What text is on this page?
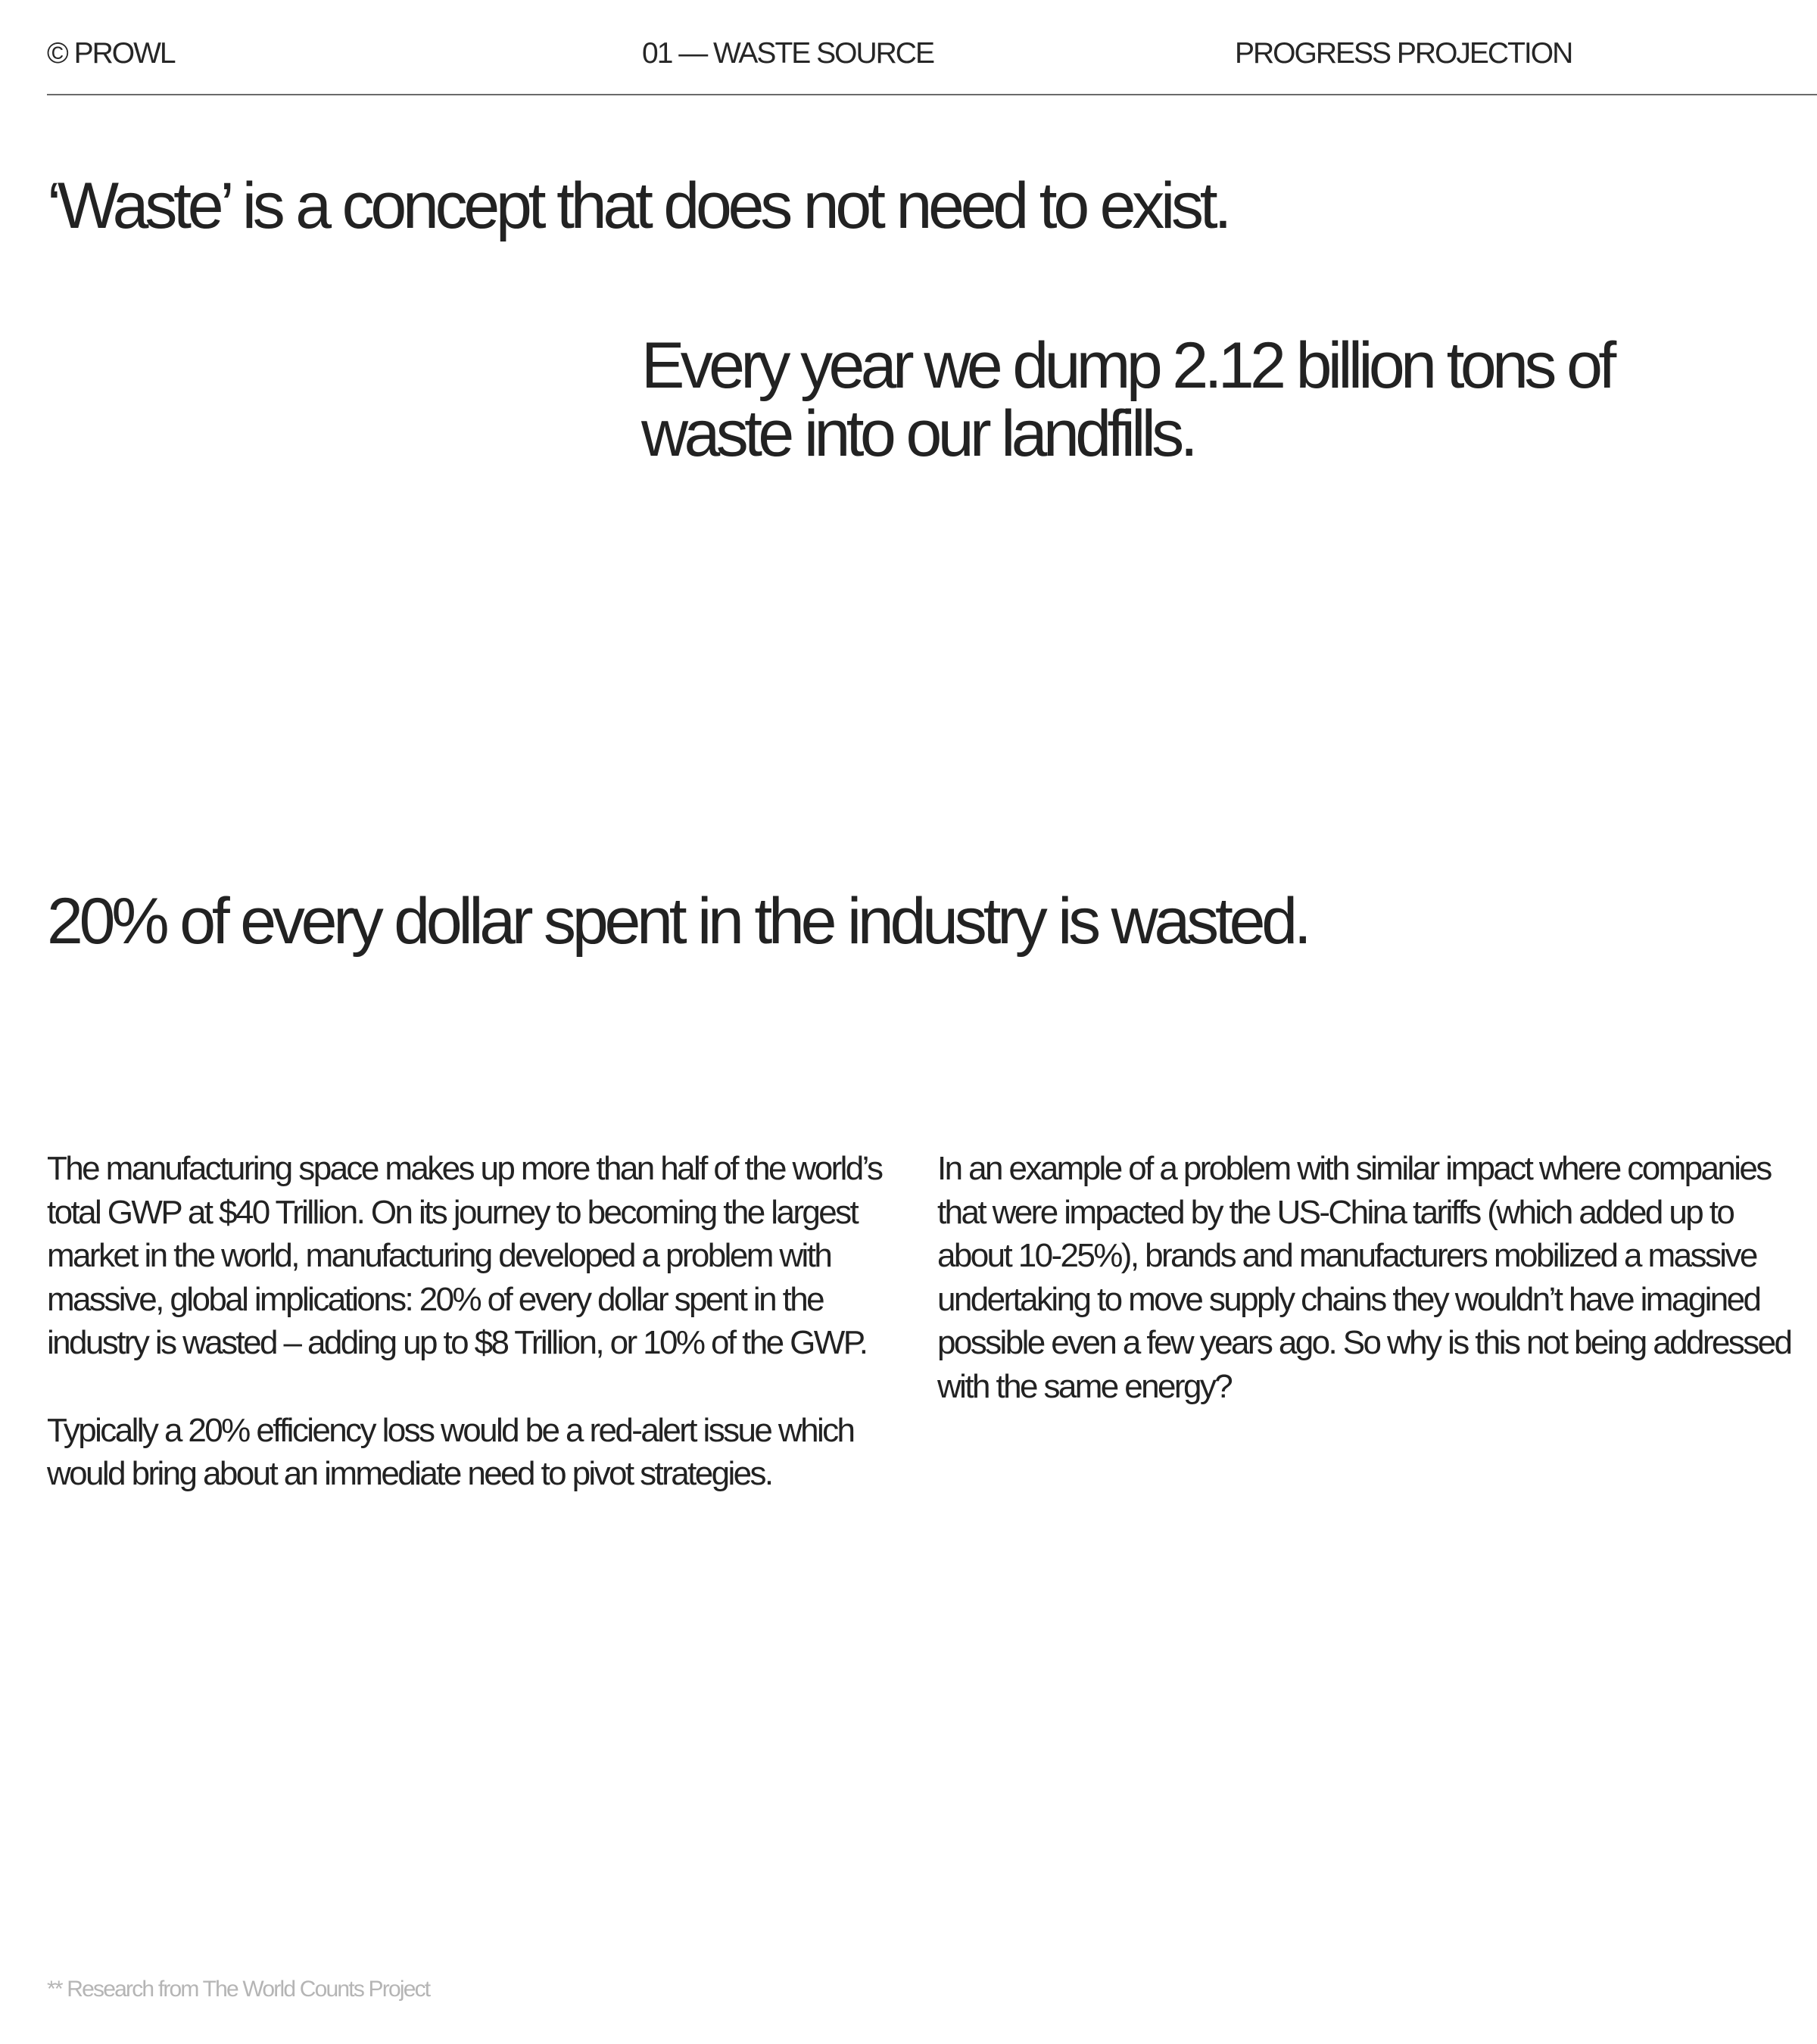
© PROWL	01 — WASTE SOURCE	PROGRESS PROJECTION
‘Waste’ is a concept that does not need to exist.
Every year we dump 2.12 billion tons of waste into our landfills.
20% of every dollar spent in the industry is wasted.

The manufacturing space makes up more than half of the world’s total GWP at $40 Trillion. On its journey to becoming the largest market in the world, manufacturing developed a problem with massive, global implications: 20% of every dollar spent in the industry is wasted – adding up to $8 Trillion, or 10% of the GWP.

Typically a 20% efficiency loss would be a red-alert issue which would bring about an immediate need to pivot strategies.

In an example of a problem with similar impact where companies that were impacted by the US-China tariffs (which added up to about 10-25%), brands and manufacturers mobilized a massive undertaking to move supply chains they wouldn’t have imagined possible even a few years ago. So why is this not being addressed with the same energy?

** Research from The World Counts Project
